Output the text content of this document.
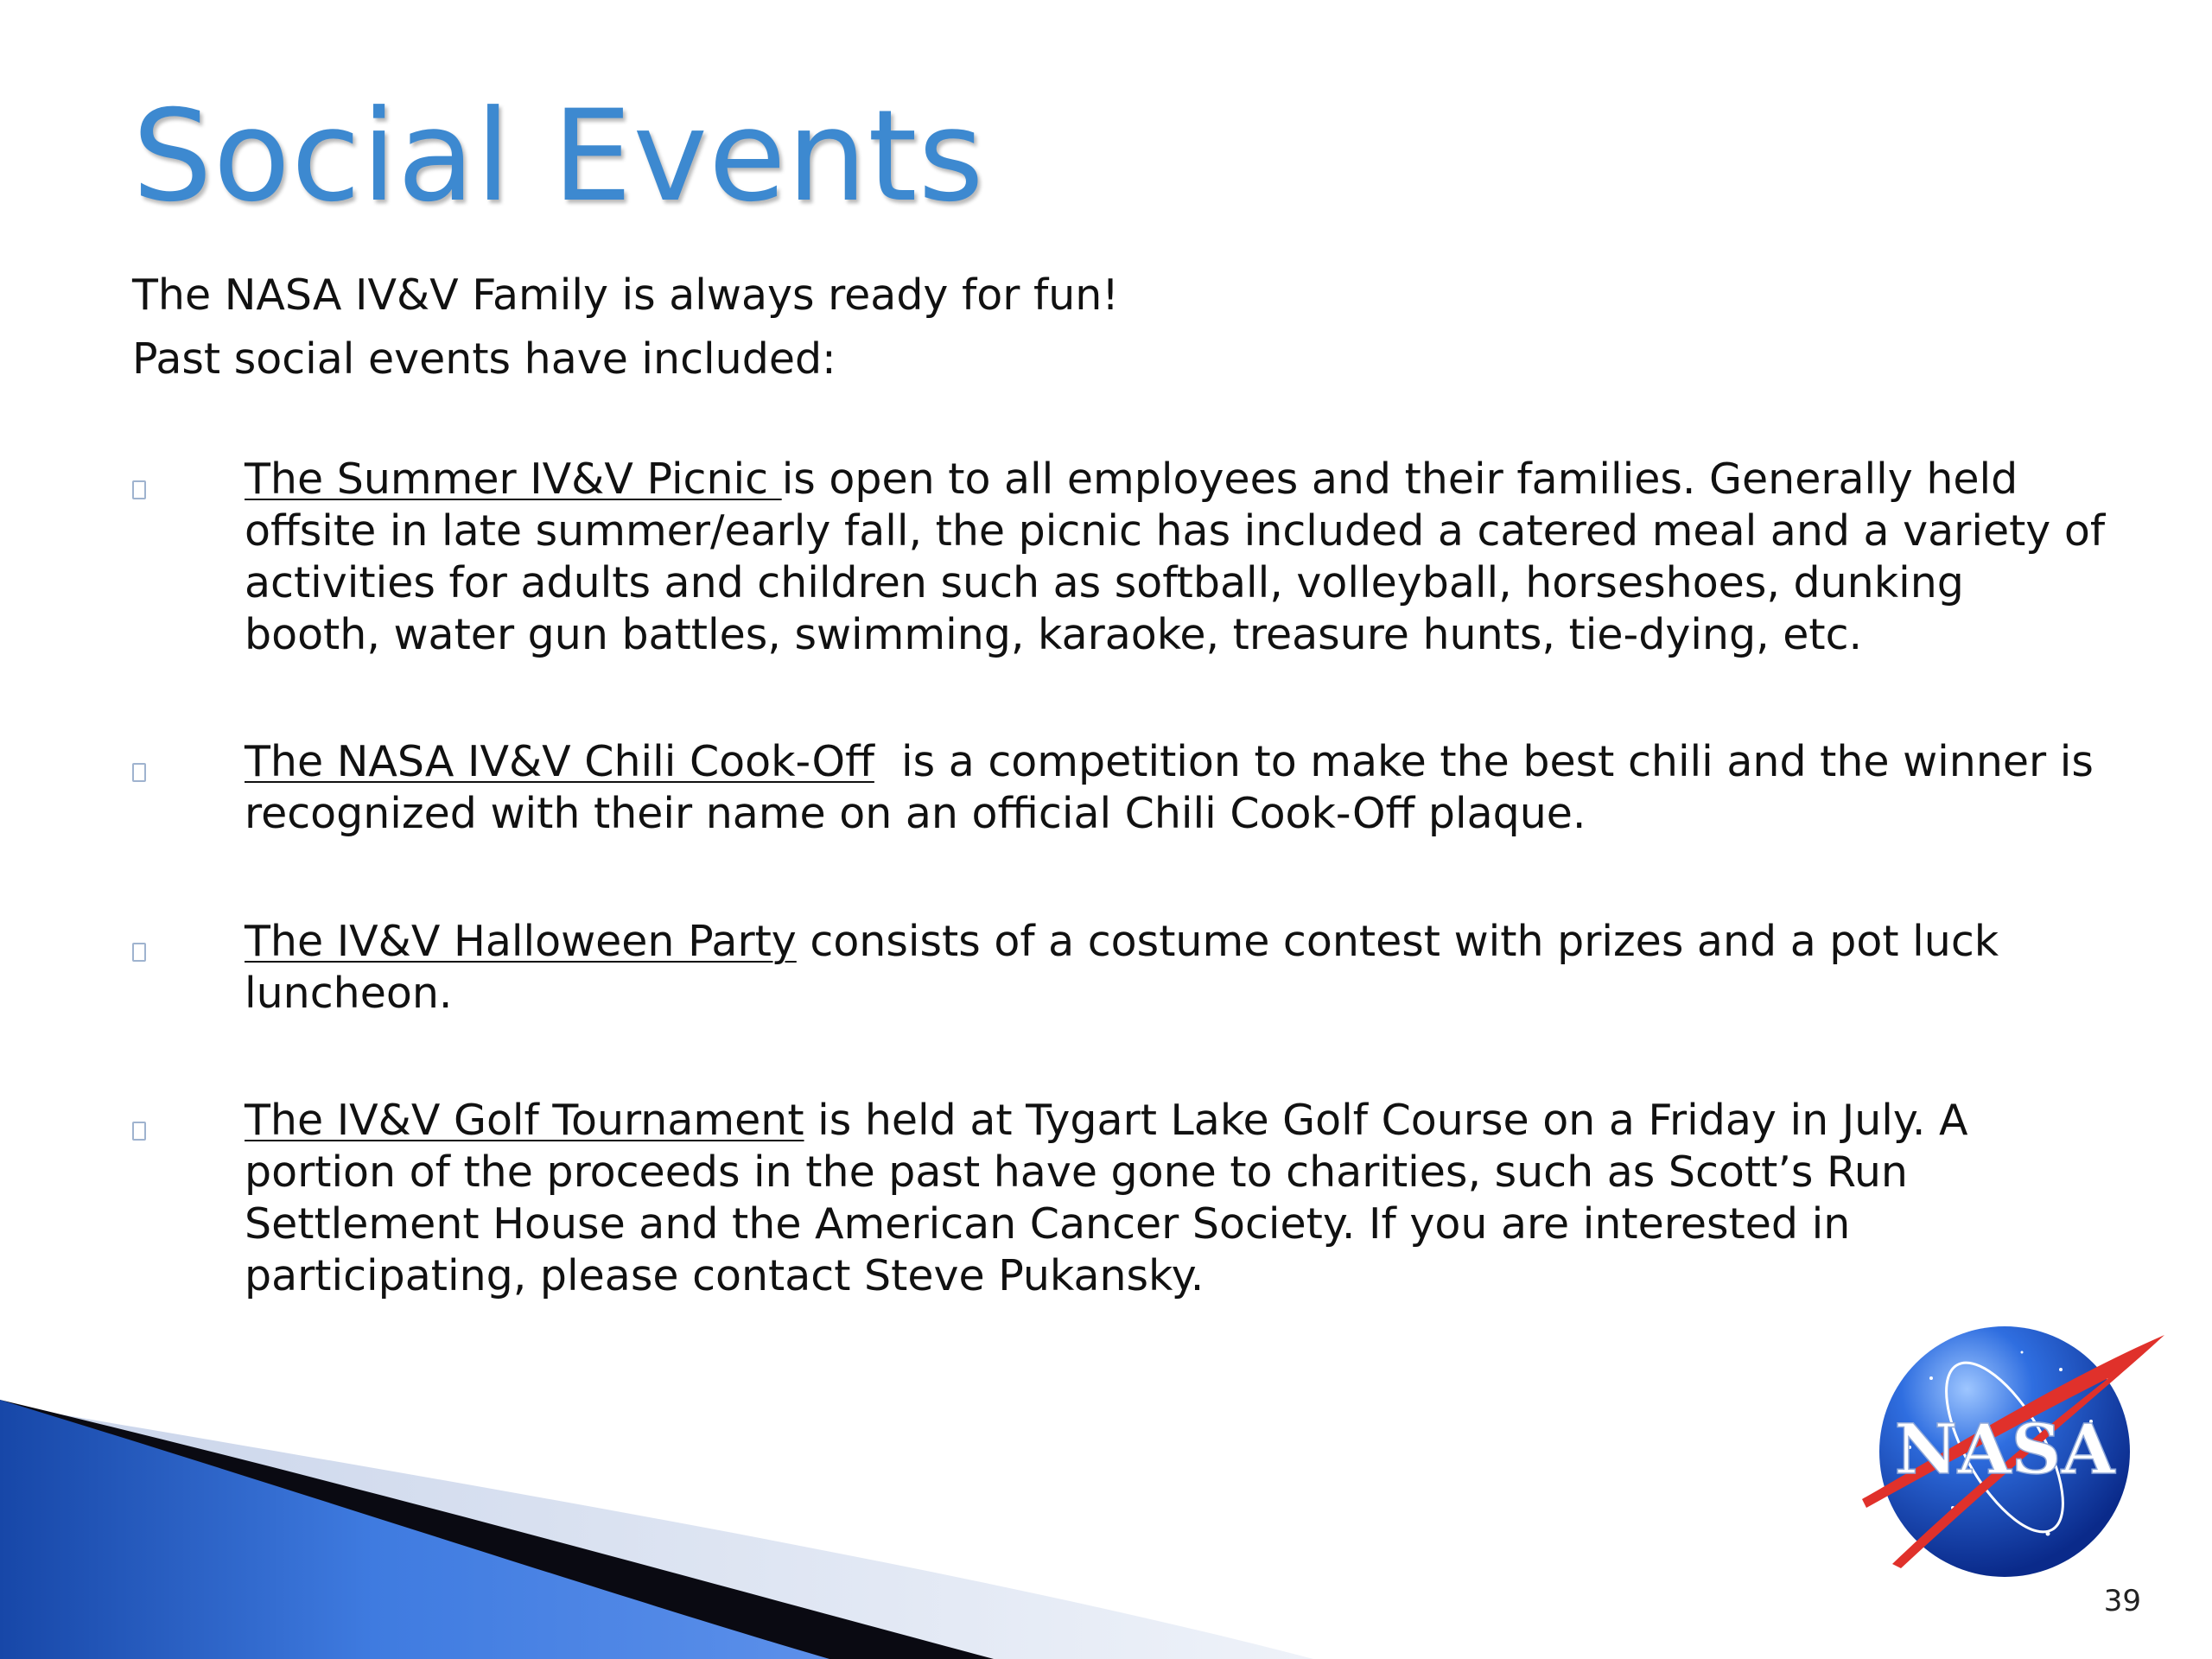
Social Events
The NASA IV&V Family is always ready for fun!
Past social events have included:
The Summer IV&V Picnic is open to all employees and their families. Generally held offsite in late summer/early fall, the picnic has included a catered meal and a variety of activities for adults and children such as softball, volleyball, horseshoes, dunking booth, water gun battles, swimming, karaoke, treasure hunts, tie-dying, etc.
The NASA IV&V Chili Cook-Off  is a competition to make the best chili and the winner is recognized with their name on an official Chili Cook-Off plaque.
The IV&V Halloween Party consists of a costume contest with prizes and a pot luck luncheon.
The IV&V Golf Tournament is held at Tygart Lake Golf Course on a Friday in July. A portion of the proceeds in the past have gone to charities, such as Scott’s Run Settlement House and the American Cancer Society. If you are interested in participating, please contact Steve Pukansky.
NASA
39
